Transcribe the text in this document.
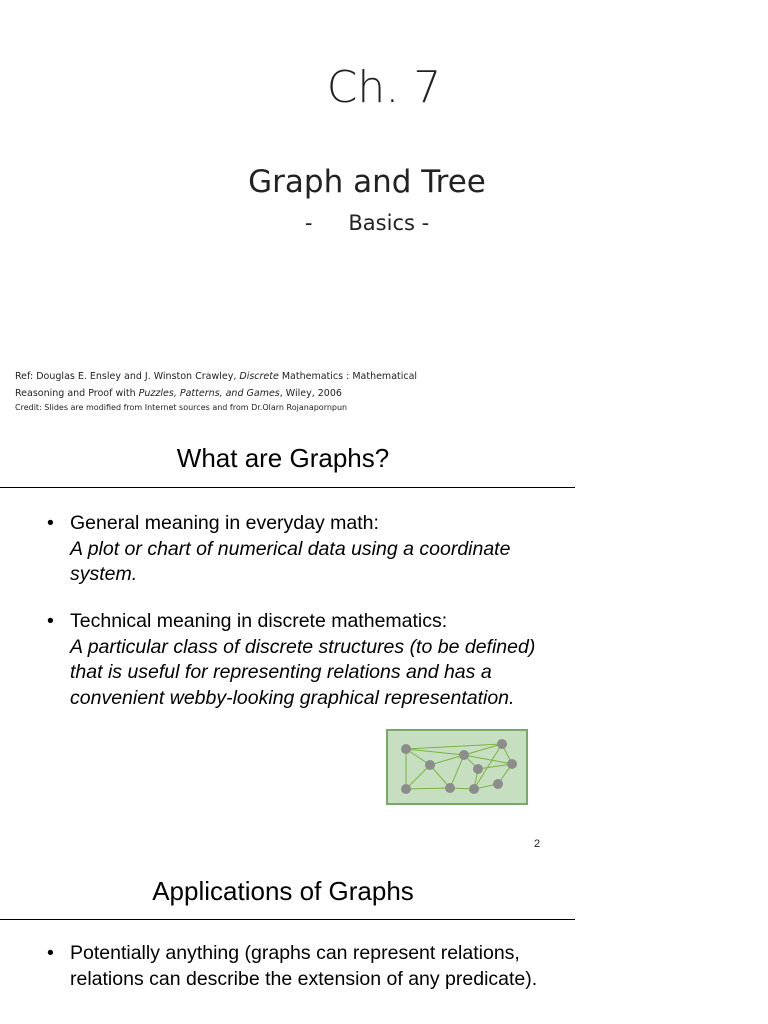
Ch. 7
Graph and Tree
- Basics -
Ref: Douglas E. Ensley and J. Winston Crawley, Discrete Mathematics : Mathematical
Reasoning and Proof with Puzzles, Patterns, and Games, Wiley, 2006
Credit: Slides are modified from Internet sources and from Dr.Olarn Rojanapornpun
What are Graphs?
• General meaning in everyday math:
A plot or chart of numerical data using a coordinate system.
• Technical meaning in discrete mathematics:
A particular class of discrete structures (to be defined) that is useful for representing relations and has a convenient webby-looking graphical representation.
2
Applications of Graphs
• Potentially anything (graphs can represent relations, relations can describe the extension of any predicate).
